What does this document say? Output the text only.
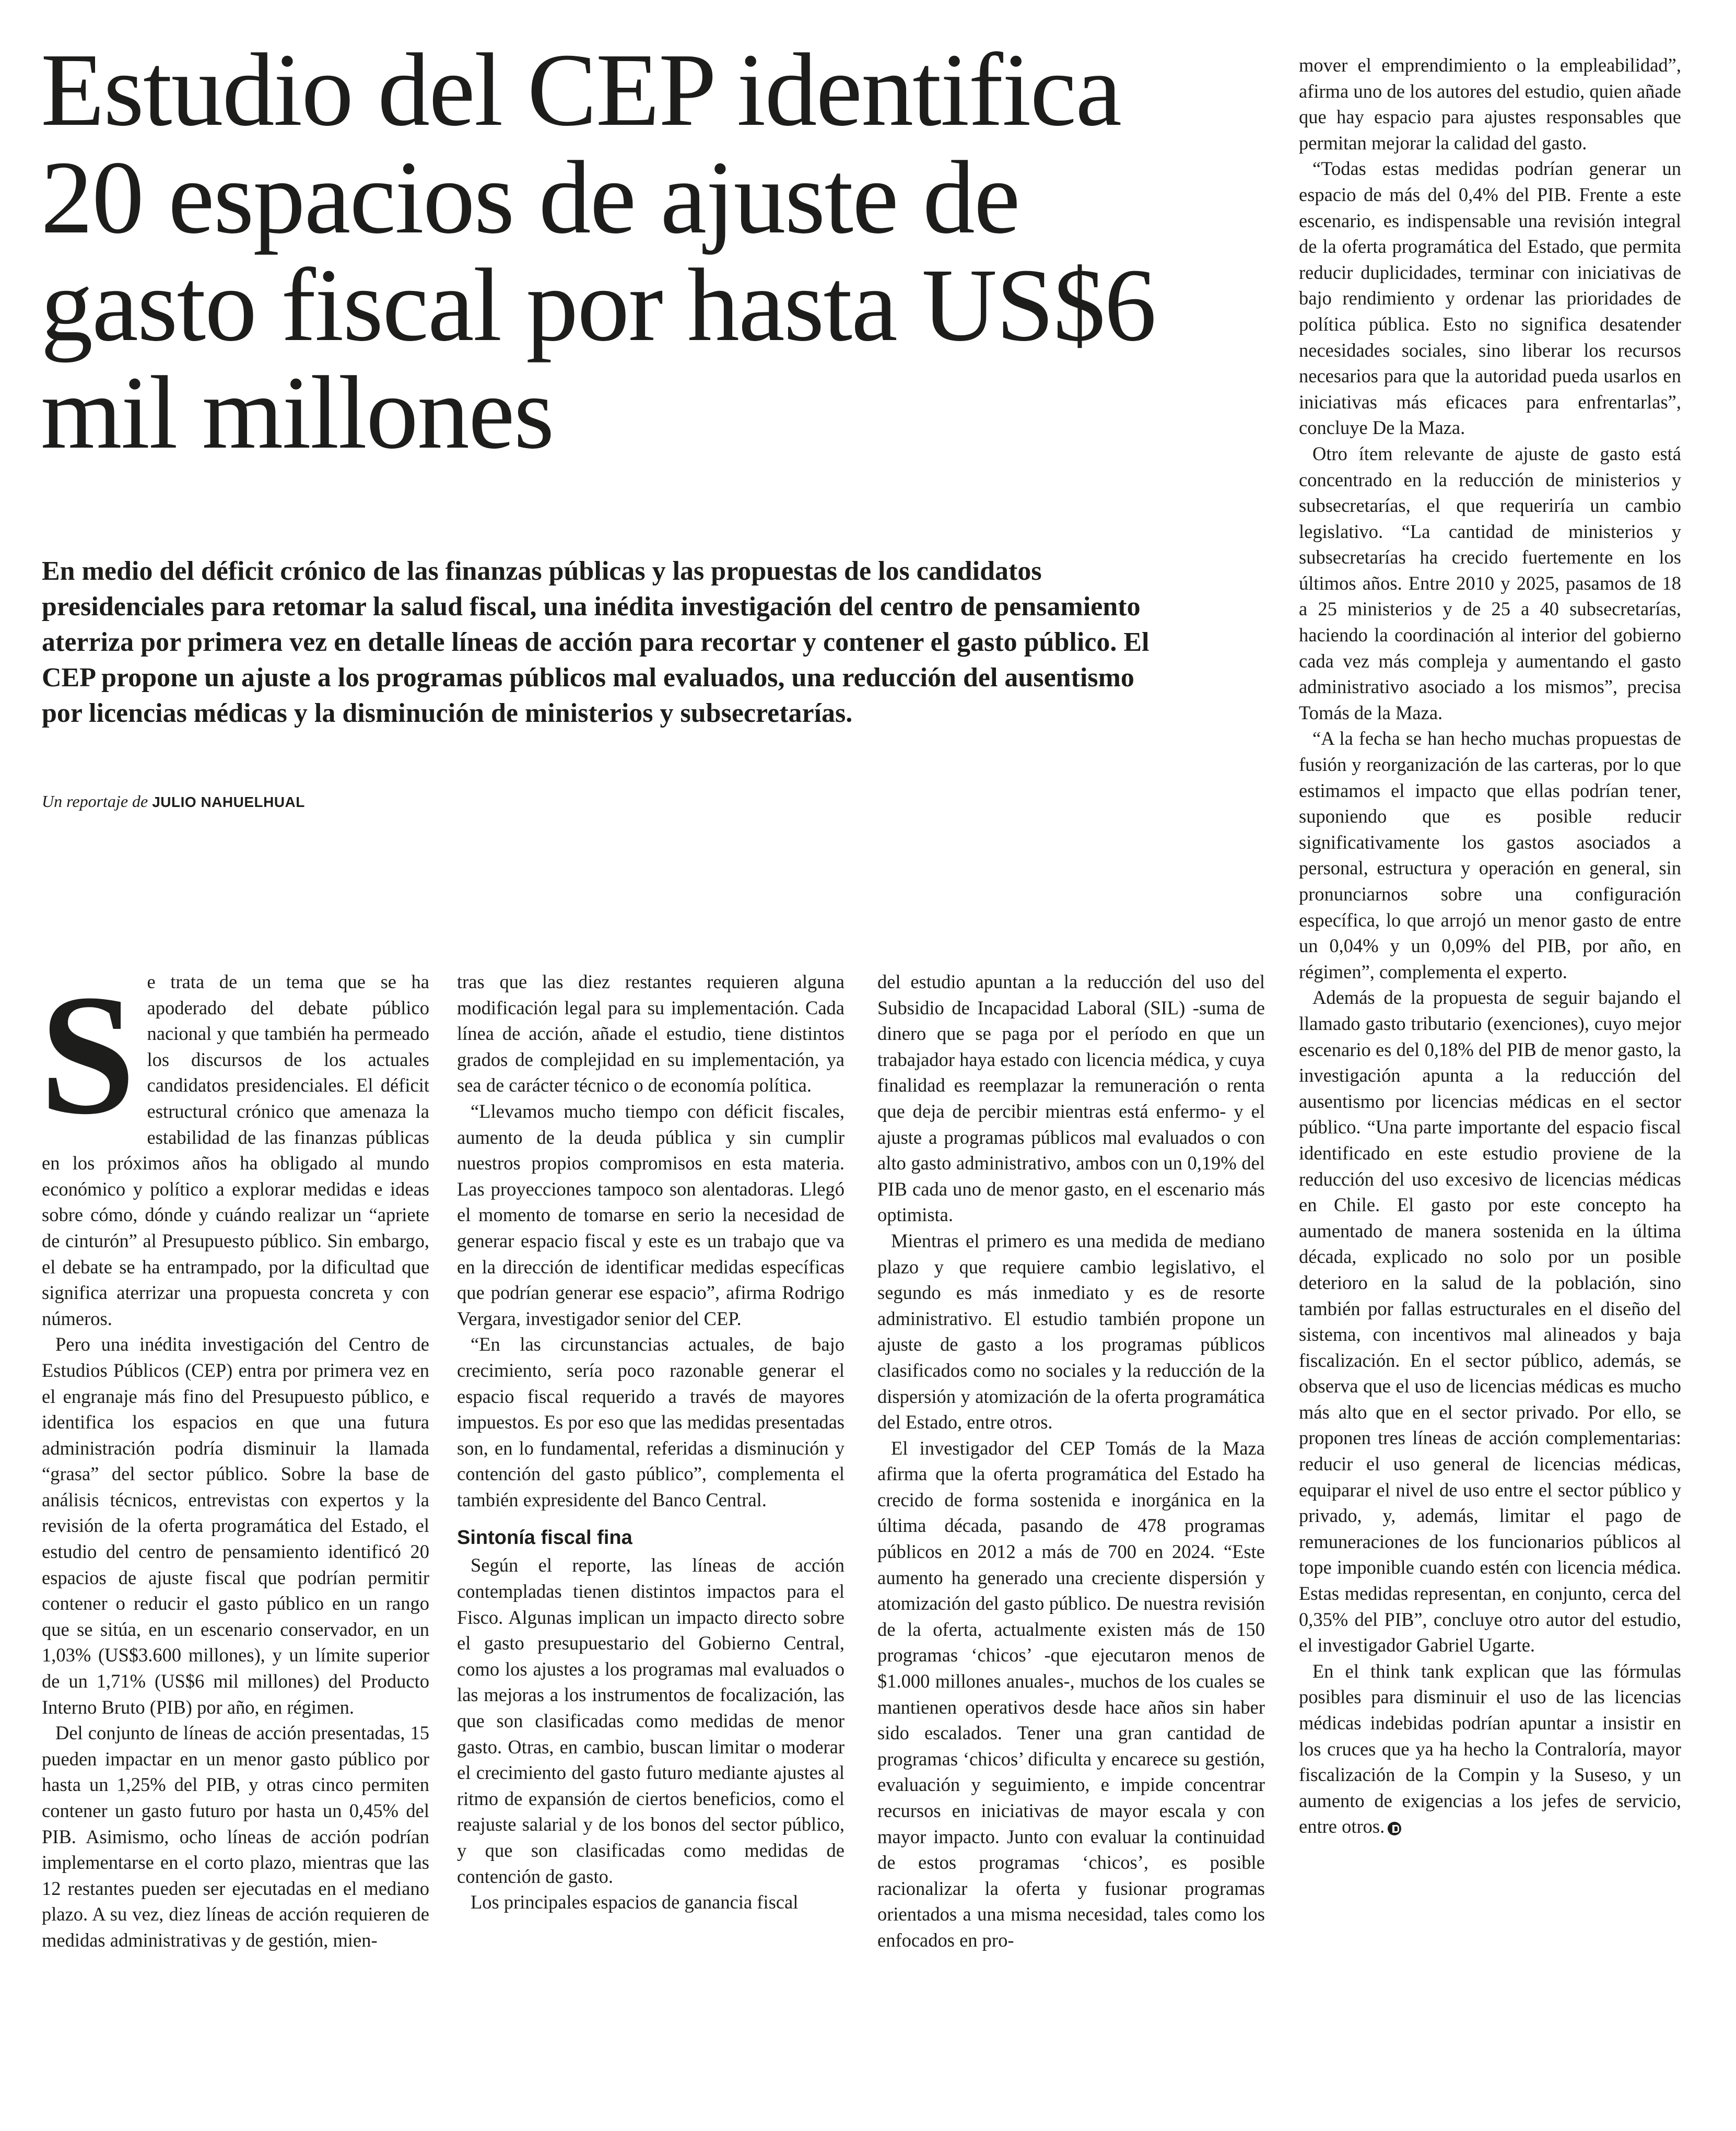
Estudio del CEP identifica 20 espacios de ajuste de gasto fiscal por hasta US$6 mil millones

En medio del déficit crónico de las finanzas públicas y las propuestas de los candidatos presidenciales para retomar la salud fiscal, una inédita investigación del centro de pensamiento aterriza por primera vez en detalle líneas de acción para recortar y contener el gasto público. El CEP propone un ajuste a los programas públicos mal evaluados, una reducción del ausentismo por licencias médicas y la disminución de ministerios y subsecretarías.

Un reportaje de JULIO NAHUELHUAL
S e trata de un tema que se ha apoderado del debate público nacional y que también ha permeado los discursos de los actuales candidatos presidenciales. El déficit estructural crónico que amenaza la estabilidad de las finanzas públicas en los próximos años ha obligado al mundo económico y político a explorar medidas e ideas sobre cómo, dónde y cuándo realizar un “apriete de cinturón” al Presupuesto público. Sin embargo, el debate se ha entrampado, por la dificultad que significa aterrizar una propuesta concreta y con números.

Pero una inédita investigación del Centro de Estudios Públicos (CEP) entra por primera vez en el engranaje más fino del Presupuesto público, e identifica los espacios en que una futura administración podría disminuir la llamada “grasa” del sector público. Sobre la base de análisis técnicos, entrevistas con expertos y la revisión de la oferta programática del Estado, el estudio del centro de pensamiento identificó 20 espacios de ajuste fiscal que podrían permitir contener o reducir el gasto público en un rango que se sitúa, en un escenario conservador, en un 1,03% (US$3.600 millones), y un límite superior de un 1,71% (US$6 mil millones) del Producto Interno Bruto (PIB) por año, en régimen.

Del conjunto de líneas de acción presentadas, 15 pueden impactar en un menor gasto público por hasta un 1,25% del PIB, y otras cinco permiten contener un gasto futuro por hasta un 0,45% del PIB. Asimismo, ocho líneas de acción podrían implementarse en el corto plazo, mientras que las 12 restantes pueden ser ejecutadas en el mediano plazo. A su vez, diez líneas de acción requieren de medidas administrativas y de gestión, mien-

tras que las diez restantes requieren alguna modificación legal para su implementación. Cada línea de acción, añade el estudio, tiene distintos grados de complejidad en su implementación, ya sea de carácter técnico o de economía política.

“Llevamos mucho tiempo con déficit fiscales, aumento de la deuda pública y sin cumplir nuestros propios compromisos en esta materia. Las proyecciones tampoco son alentadoras. Llegó el momento de tomarse en serio la necesidad de generar espacio fiscal y este es un trabajo que va en la dirección de identificar medidas específicas que podrían generar ese espacio”, afirma Rodrigo Vergara, investigador senior del CEP.

“En las circunstancias actuales, de bajo crecimiento, sería poco razonable generar el espacio fiscal requerido a través de mayores impuestos. Es por eso que las medidas presentadas son, en lo fundamental, referidas a disminución y contención del gasto público”, complementa el también expresidente del Banco Central.

Sintonía fiscal fina

Según el reporte, las líneas de acción contempladas tienen distintos impactos para el Fisco. Algunas implican un impacto directo sobre el gasto presupuestario del Gobierno Central, como los ajustes a los programas mal evaluados o las mejoras a los instrumentos de focalización, las que son clasificadas como medidas de menor gasto. Otras, en cambio, buscan limitar o moderar el crecimiento del gasto futuro mediante ajustes al ritmo de expansión de ciertos beneficios, como el reajuste salarial y de los bonos del sector público, y que son clasificadas como medidas de contención de gasto.

Los principales espacios de ganancia fiscal

del estudio apuntan a la reducción del uso del Subsidio de Incapacidad Laboral (SIL) -suma de dinero que se paga por el período en que un trabajador haya estado con licencia médica, y cuya finalidad es reemplazar la remuneración o renta que deja de percibir mientras está enfermo- y el ajuste a programas públicos mal evaluados o con alto gasto administrativo, ambos con un 0,19% del PIB cada uno de menor gasto, en el escenario más optimista.

Mientras el primero es una medida de mediano plazo y que requiere cambio legislativo, el segundo es más inmediato y es de resorte administrativo. El estudio también propone un ajuste de gasto a los programas públicos clasificados como no sociales y la reducción de la dispersión y atomización de la oferta programática del Estado, entre otros.

El investigador del CEP Tomás de la Maza afirma que la oferta programática del Estado ha crecido de forma sostenida e inorgánica en la última década, pasando de 478 programas públicos en 2012 a más de 700 en 2024. “Este aumento ha generado una creciente dispersión y atomización del gasto público. De nuestra revisión de la oferta, actualmente existen más de 150 programas ‘chicos’ -que ejecutaron menos de $1.000 millones anuales-, muchos de los cuales se mantienen operativos desde hace años sin haber sido escalados. Tener una gran cantidad de programas ‘chicos’ dificulta y encarece su gestión, evaluación y seguimiento, e impide concentrar recursos en iniciativas de mayor escala y con mayor impacto. Junto con evaluar la continuidad de estos programas ‘chicos’, es posible racionalizar la oferta y fusionar programas orientados a una misma necesidad, tales como los enfocados en pro-

mover el emprendimiento o la empleabilidad”, afirma uno de los autores del estudio, quien añade que hay espacio para ajustes responsables que permitan mejorar la calidad del gasto.

“Todas estas medidas podrían generar un espacio de más del 0,4% del PIB. Frente a este escenario, es indispensable una revisión integral de la oferta programática del Estado, que permita reducir duplicidades, terminar con iniciativas de bajo rendimiento y ordenar las prioridades de política pública. Esto no significa desatender necesidades sociales, sino liberar los recursos necesarios para que la autoridad pueda usarlos en iniciativas más eficaces para enfrentarlas”, concluye De la Maza.

Otro ítem relevante de ajuste de gasto está concentrado en la reducción de ministerios y subsecretarías, el que requeriría un cambio legislativo. “La cantidad de ministerios y subsecretarías ha crecido fuertemente en los últimos años. Entre 2010 y 2025, pasamos de 18 a 25 ministerios y de 25 a 40 subsecretarías, haciendo la coordinación al interior del gobierno cada vez más compleja y aumentando el gasto administrativo asociado a los mismos”, precisa Tomás de la Maza.

“A la fecha se han hecho muchas propuestas de fusión y reorganización de las carteras, por lo que estimamos el impacto que ellas podrían tener, suponiendo que es posible reducir significativamente los gastos asociados a personal, estructura y operación en general, sin pronunciarnos sobre una configuración específica, lo que arrojó un menor gasto de entre un 0,04% y un 0,09% del PIB, por año, en régimen”, complementa el experto.

Además de la propuesta de seguir bajando el llamado gasto tributario (exenciones), cuyo mejor escenario es del 0,18% del PIB de menor gasto, la investigación apunta a la reducción del ausentismo por licencias médicas en el sector público. “Una parte importante del espacio fiscal identificado en este estudio proviene de la reducción del uso excesivo de licencias médicas en Chile. El gasto por este concepto ha aumentado de manera sostenida en la última década, explicado no solo por un posible deterioro en la salud de la población, sino también por fallas estructurales en el diseño del sistema, con incentivos mal alineados y baja fiscalización. En el sector público, además, se observa que el uso de licencias médicas es mucho más alto que en el sector privado. Por ello, se proponen tres líneas de acción complementarias: reducir el uso general de licencias médicas, equiparar el nivel de uso entre el sector público y privado, y, además, limitar el pago de remuneraciones de los funcionarios públicos al tope imponible cuando estén con licencia médica. Estas medidas representan, en conjunto, cerca del 0,35% del PIB”, concluye otro autor del estudio, el investigador Gabriel Ugarte.

En el think tank explican que las fórmulas posibles para disminuir el uso de las licencias médicas indebidas podrían apuntar a insistir en los cruces que ya ha hecho la Contraloría, mayor fiscalización de la Compin y la Suseso, y un aumento de exigencias a los jefes de servicio, entre otros.
